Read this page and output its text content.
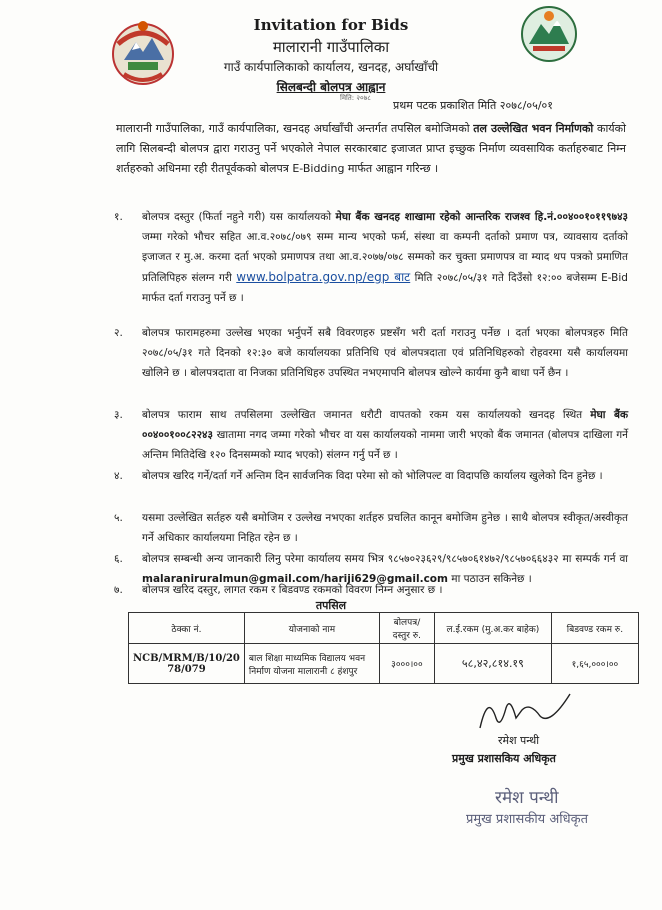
Invitation for Bids
मालारानी गाउँपालिका
गाउँ कार्यपालिकाको कार्यालय, खनदह, अर्घाखाँची
सिलबन्दी बोलपत्र आह्वान
मिति: २०७८
प्रथम पटक प्रकाशित मिति २०७८/०५/०१
मालारानी गाउँपालिका, गाउँ कार्यपालिका, खनदह अर्घाखाँची अन्तर्गत तपसिल बमोजिमको तल उल्लेखित भवन निर्माणको कार्यको लागि सिलबन्दी बोलपत्र द्वारा गराउनु पर्ने भएकोले नेपाल सरकारबाट इजाजत प्राप्त इच्छुक निर्माण व्यवसायिक कर्ताहरुबाट निम्न शर्तहरुको अधिनमा रही रीतपूर्वकको बोलपत्र E-Bidding मार्फत आह्वान गरिन्छ ।
१. बोलपत्र दस्तुर (फिर्ता नहुने गरी) यस कार्यालयको मेघा बैंक खनदह शाखामा रहेको आन्तरिक राजश्व हि.नं.००४००१०११९७४३ जम्मा गरेको भौचर सहित आ.व.२०७८/०७९ सम्म मान्य भएको फर्म, संस्था वा कम्पनी दर्ताको प्रमाण पत्र, व्यावसाय दर्ताको इजाजत र मु.अ. करमा दर्ता भएको प्रमाणपत्र तथा आ.व.२०७७/०७८ सम्मको कर चुक्ता प्रमाणपत्र वा म्याद थप पत्रको प्रमाणित प्रतिलिपिहरु संलग्न गरी www.bolpatra.gov.np/egp बाट मिति २०७८/०५/३१ गते दिउँसो १२:०० बजेसम्म E-Bid मार्फत दर्ता गराउनु पर्ने छ ।
२. बोलपत्र फारामहरुमा उल्लेख भएका भर्नुपर्ने सबै विवरणहरु प्रष्टसँग भरी दर्ता गराउनु पर्नेछ । दर्ता भएका बोलपत्रहरु मिति २०७८/०५/३१ गते दिनको १२:३० बजे कार्यालयका प्रतिनिधि एवं बोलपत्रदाता एवं प्रतिनिधिहरुको रोहवरमा यसै कार्यालयमा खोलिने छ । बोलपत्रदाता वा निजका प्रतिनिधिहरु उपस्थित नभएमापनि बोलपत्र खोल्ने कार्यमा कुनै बाधा पर्ने छैन ।
३. बोलपत्र फाराम साथ तपसिलमा उल्लेखित जमानत धरौटी वापतको रकम यस कार्यालयको खनदह स्थित मेघा बैंक ००४००१००८२२४३ खातामा नगद जम्मा गरेको भौचर वा यस कार्यालयको नाममा जारी भएको बैंक जमानत (बोलपत्र दाखिला गर्ने अन्तिम मितिदेखि १२० दिनसम्मको म्याद भएको) संलग्न गर्नु पर्ने छ ।
४. बोलपत्र खरिद गर्ने/दर्ता गर्ने अन्तिम दिन सार्वजनिक विदा परेमा सो को भोलिपल्ट वा विदापछि कार्यालय खुलेको दिन हुनेछ ।
५. यसमा उल्लेखित सर्तहरु यसै बमोजिम र उल्लेख नभएका शर्तहरु प्रचलित कानून बमोजिम हुनेछ । साथै बोलपत्र स्वीकृत/अस्वीकृत गर्ने अधिकार कार्यालयमा निहित रहेन छ ।
६. बोलपत्र सम्बन्धी अन्य जानकारी लिनु परेमा कार्यालय समय भित्र ९८५७०२३६२९/९८५७०६१४७२/९८५७०६६४३२ मा सम्पर्क गर्न वा malaraniruralmun@gmail.com/hariji629@gmail.com मा पठाउन सकिनेछ ।
७. बोलपत्र खरिद दस्तुर, लागत रकम र बिडवण्ड रकमको विवरण निम्न अनुसार छ ।
तपसिल
ठेक्का नं.	योजनाको नाम	बोलपत्र/ दस्तुर रु.	ल.ई.रकम (मु.अ.कर बाहेक)	बिडवण्ड रकम रु.
NCB/MRM/B/10/20 78/079	बाल शिक्षा माध्यमिक विद्यालय भवन निर्माण योजना मालारानी ८ हंशपुर	३०००।००	५८,४२,८१४.१९	१,६५,०००।००
रमेश पन्थी
प्रमुख प्रशासकिय अधिकृत
रमेश पन्थी
प्रमुख प्रशासकीय अधिकृत
